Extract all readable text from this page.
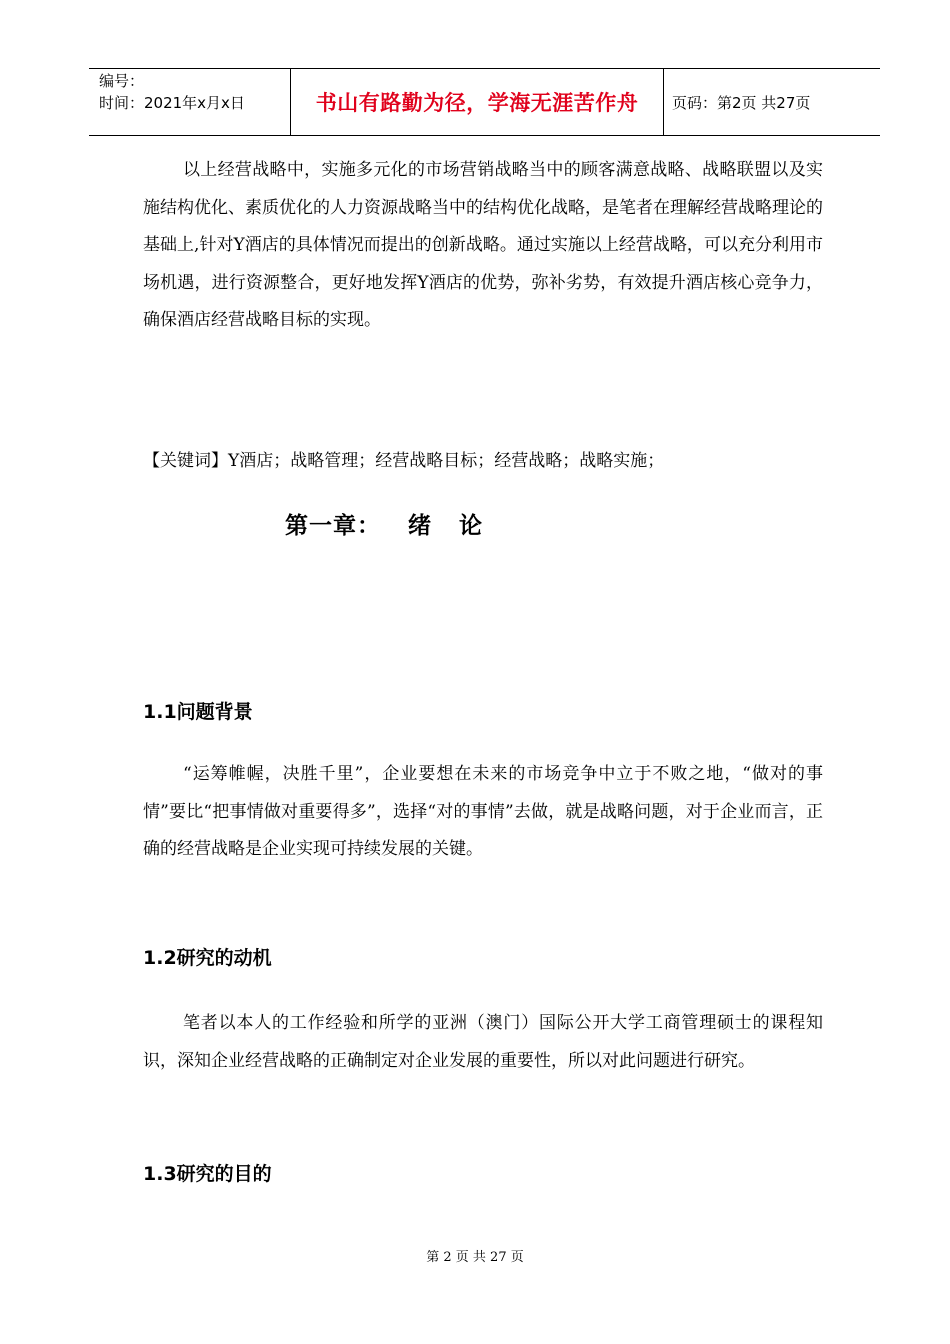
编号：
时间：2021年x月x日	书山有路勤为径，学海无涯苦作舟 页码：第2页 共27页

以上经营战略中，实施多元化的市场营销战略当中的顾客满意战略、战略联盟以及实施结构优化、素质优化的人力资源战略当中的结构优化战略，是笔者在理解经营战略理论的基础上,针对Y酒店的具体情况而提出的创新战略。通过实施以上经营战略，可以充分利用市场机遇，进行资源整合，更好地发挥Y酒店的优势，弥补劣势，有效提升酒店核心竞争力，确保酒店经营战略目标的实现。

【关键词】Y酒店；战略管理；经营战略目标；经营战略；战略实施；

第一章：   绪   论
1.1问题背景

“运筹帷幄，决胜千里”，企业要想在未来的市场竞争中立于不败之地，“做对的事情”要比“把事情做对重要得多”，选择“对的事情”去做，就是战略问题，对于企业而言，正确的经营战略是企业实现可持续发展的关键。

1.2研究的动机

笔者以本人的工作经验和所学的亚洲（澳门）国际公开大学工商管理硕士的课程知识，深知企业经营战略的正确制定对企业发展的重要性，所以对此问题进行研究。

1.3研究的目的

第 2 页 共 27 页
